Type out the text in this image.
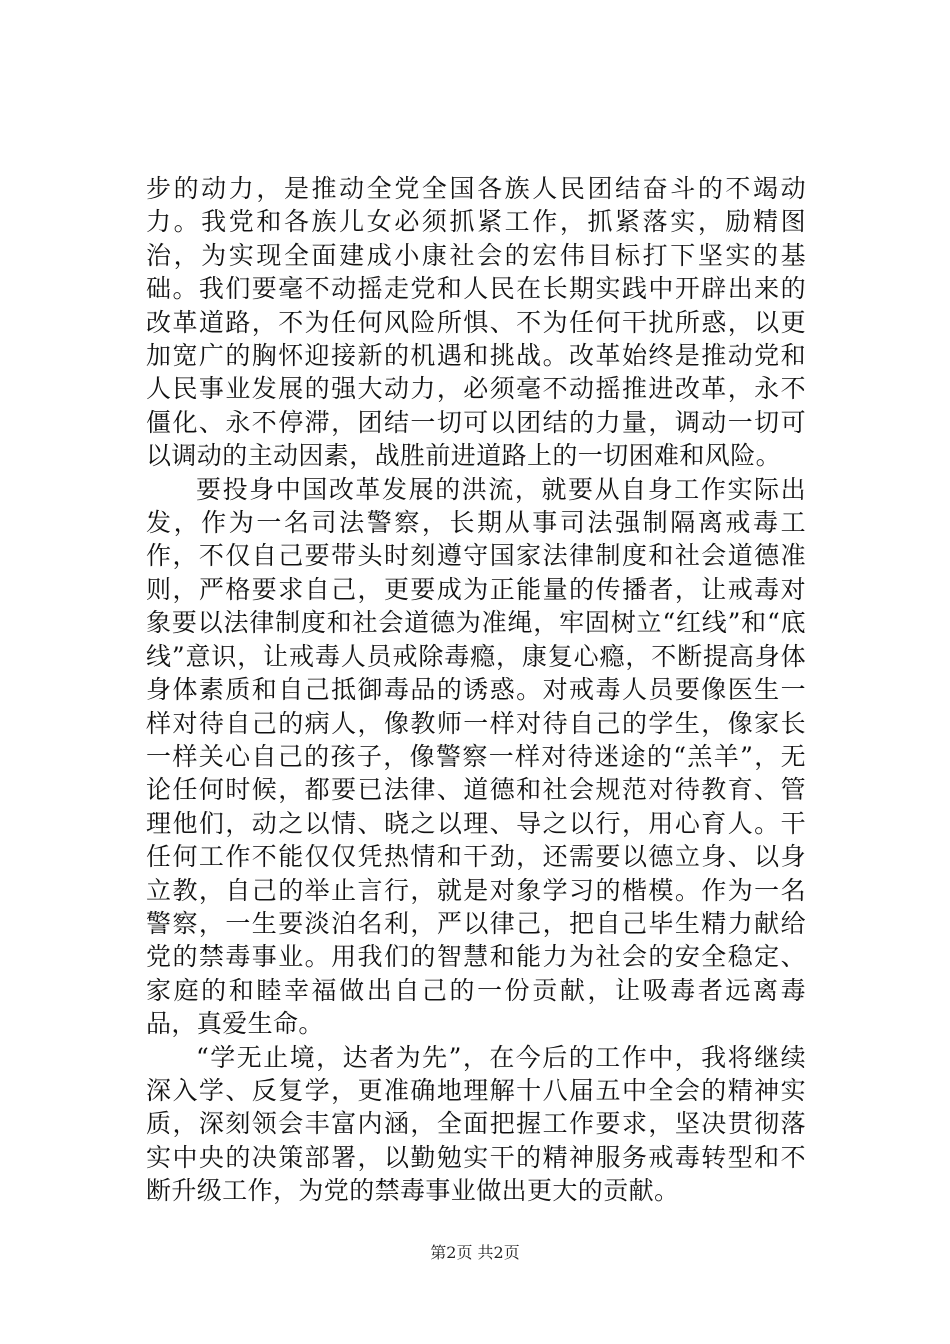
步的动力，是推动全党全国各族人民团结奋斗的不竭动力。我党和各族儿女必须抓紧工作，抓紧落实，励精图治，为实现全面建成小康社会的宏伟目标打下坚实的基础。我们要毫不动摇走党和人民在长期实践中开辟出来的改革道路，不为任何风险所惧、不为任何干扰所惑，以更加宽广的胸怀迎接新的机遇和挑战。改革始终是推动党和人民事业发展的强大动力，必须毫不动摇推进改革，永不僵化、永不停滞，团结一切可以团结的力量，调动一切可以调动的主动因素，战胜前进道路上的一切困难和风险。

要投身中国改革发展的洪流，就要从自身工作实际出发，作为一名司法警察，长期从事司法强制隔离戒毒工作，不仅自己要带头时刻遵守国家法律制度和社会道德准则，严格要求自己，更要成为正能量的传播者，让戒毒对象要以法律制度和社会道德为准绳，牢固树立“红线”和“底线”意识，让戒毒人员戒除毒瘾，康复心瘾，不断提高身体身体素质和自己抵御毒品的诱惑。对戒毒人员要像医生一样对待自己的病人，像教师一样对待自己的学生，像家长一样关心自己的孩子，像警察一样对待迷途的“羔羊”，无论任何时候，都要已法律、道德和社会规范对待教育、管理他们，动之以情、晓之以理、导之以行，用心育人。干任何工作不能仅仅凭热情和干劲，还需要以德立身、以身立教，自己的举止言行，就是对象学习的楷模。作为一名警察，一生要淡泊名利，严以律己，把自己毕生精力献给党的禁毒事业。用我们的智慧和能力为社会的安全稳定、家庭的和睦幸福做出自己的一份贡献，让吸毒者远离毒品，真爱生命。

“学无止境，达者为先”，在今后的工作中，我将继续深入学、反复学，更准确地理解十八届五中全会的精神实质，深刻领会丰富内涵，全面把握工作要求，坚决贯彻落实中央的决策部署，以勤勉实干的精神服务戒毒转型和不断升级工作，为党的禁毒事业做出更大的贡献。

第2页 共2页
